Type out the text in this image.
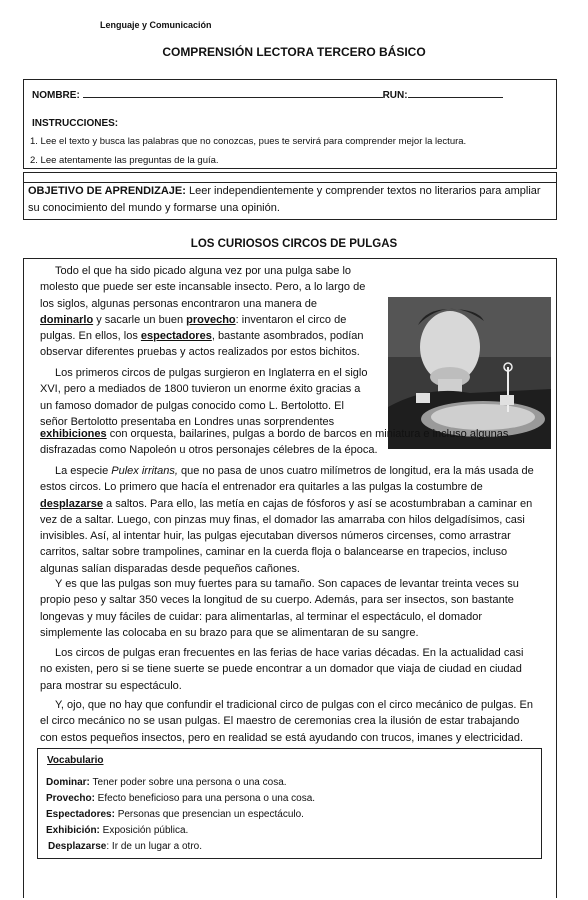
Lenguaje y Comunicación
COMPRENSIÓN LECTORA TERCERO BÁSICO
NOMBRE:	RUN:
INSTRUCCIONES:
1. Lee el texto y busca las palabras que no conozcas, pues te servirá para comprender mejor la lectura.
2. Lee atentamente las preguntas de la guía.
OBJETIVO DE APRENDIZAJE: Leer independientemente y comprender textos no literarios para ampliar su conocimiento del mundo y formarse una opinión.
LOS CURIOSOS CIRCOS DE PULGAS
Todo el que ha sido picado alguna vez por una pulga sabe lo
molesto que puede ser este incansable insecto. Pero, a lo largo de
los siglos, algunas personas encontraron una manera de
dominarlo y sacarle un buen provecho: inventaron el circo de
pulgas. En ellos, los espectadores, bastante asombrados, podían
observar diferentes pruebas y actos realizados por estos bichitos.
Los primeros circos de pulgas surgieron en Inglaterra en el siglo
XVI, pero a mediados de 1800 tuvieron un enorme éxito gracias a
un famoso domador de pulgas conocido como L. Bertolotto. El
señor Bertolotto presentaba en Londres unas sorprendentes
exhibiciones con orquesta, bailarines, pulgas a bordo de barcos en miniatura e incluso algunas
disfrazadas como Napoleón u otros personajes célebres de la época.
La especie Pulex irritans, que no pasa de unos cuatro milímetros de longitud, era la más usada de
estos circos. Lo primero que hacía el entrenador era quitarles a las pulgas la costumbre de
desplazarse a saltos. Para ello, las metía en cajas de fósforos y así se acostumbraban a caminar en
vez de a saltar. Luego, con pinzas muy finas, el domador las amarraba con hilos delgadísimos, casi
invisibles. Así, al intentar huir, las pulgas ejecutaban diversos números circenses, como arrastrar
carritos, saltar sobre trampolines, caminar en la cuerda floja o balancearse en trapecios, incluso
algunas salían disparadas desde pequeños cañones.
Y es que las pulgas son muy fuertes para su tamaño. Son capaces de levantar treinta veces su
propio peso y saltar 350 veces la longitud de su cuerpo. Además, para ser insectos, son bastante
longevas y muy fáciles de cuidar: para alimentarlas, al terminar el espectáculo, el domador
simplemente las colocaba en su brazo para que se alimentaran de su sangre.
Los circos de pulgas eran frecuentes en las ferias de hace varias décadas. En la actualidad casi
no existen, pero si se tiene suerte se puede encontrar a un domador que viaja de ciudad en ciudad
para mostrar su espectáculo.
Y, ojo, que no hay que confundir el tradicional circo de pulgas con el circo mecánico de pulgas. En
el circo mecánico no se usan pulgas. El maestro de ceremonias crea la ilusión de estar trabajando
con estos pequeños insectos, pero en realidad se está ayudando con trucos, imanes y electricidad.
Vocabulario
Dominar: Tener poder sobre una persona o una cosa.
Provecho: Efecto beneficioso para una persona o una cosa.
Espectadores: Personas que presencian un espectáculo.
Exhibición: Exposición pública.
Desplazarse: Ir de un lugar a otro.
